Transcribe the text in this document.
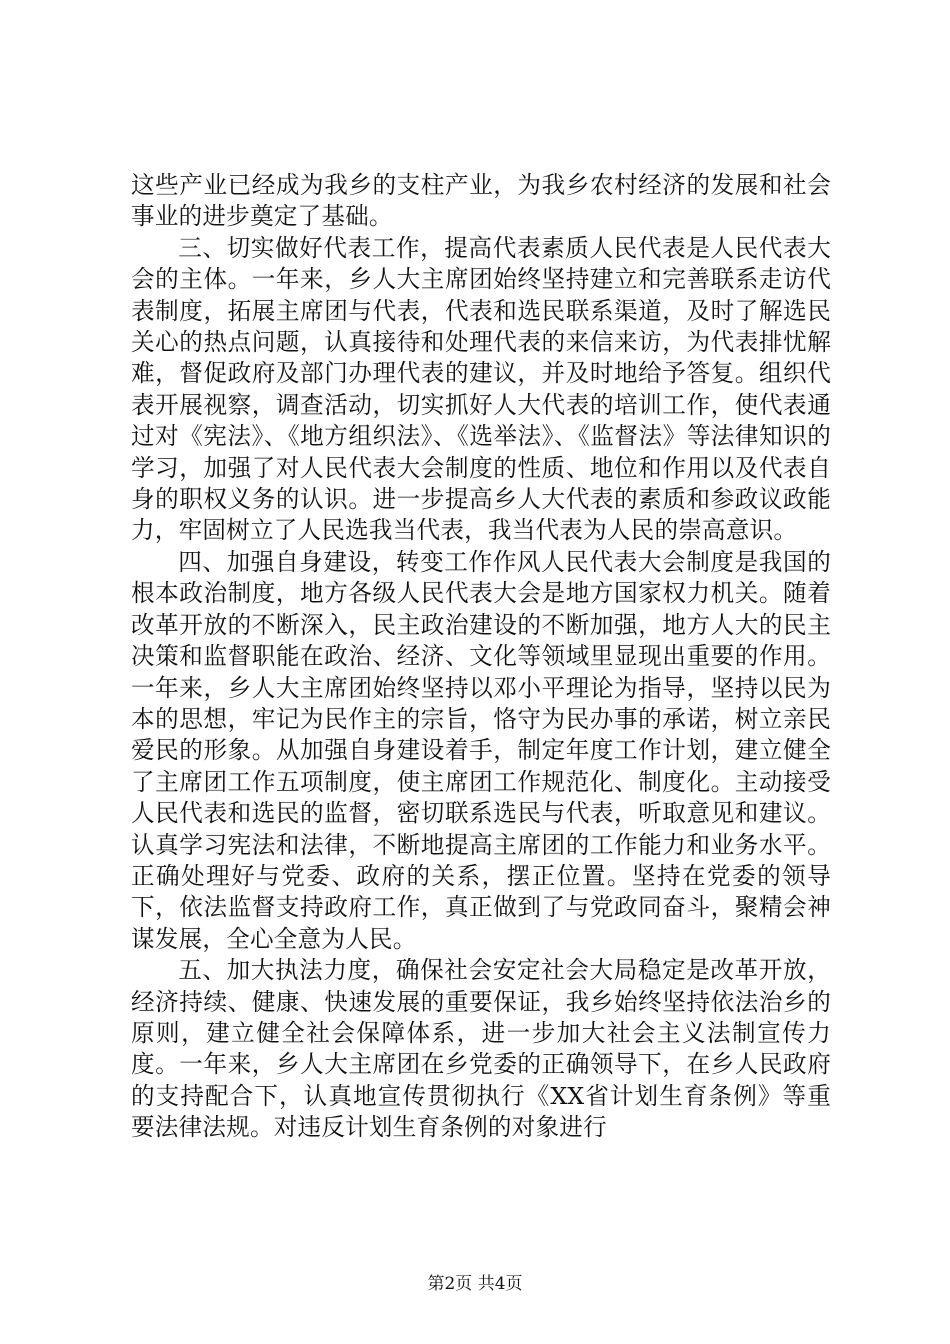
这些产业已经成为我乡的支柱产业，为我乡农村经济的发展和社会事业的进步奠定了基础。

三、切实做好代表工作，提高代表素质人民代表是人民代表大会的主体。一年来，乡人大主席团始终坚持建立和完善联系走访代表制度，拓展主席团与代表，代表和选民联系渠道，及时了解选民关心的热点问题，认真接待和处理代表的来信来访，为代表排忧解难，督促政府及部门办理代表的建议，并及时地给予答复。组织代表开展视察，调查活动，切实抓好人大代表的培训工作，使代表通过对《宪法》、《地方组织法》、《选举法》、《监督法》等法律知识的学习，加强了对人民代表大会制度的性质、地位和作用以及代表自身的职权义务的认识。进一步提高乡人大代表的素质和参政议政能力，牢固树立了人民选我当代表，我当代表为人民的崇高意识。

四、加强自身建设，转变工作作风人民代表大会制度是我国的根本政治制度，地方各级人民代表大会是地方国家权力机关。随着改革开放的不断深入，民主政治建设的不断加强，地方人大的民主决策和监督职能在政治、经济、文化等领域里显现出重要的作用。一年来，乡人大主席团始终坚持以邓小平理论为指导，坚持以民为本的思想，牢记为民作主的宗旨，恪守为民办事的承诺，树立亲民爱民的形象。从加强自身建设着手，制定年度工作计划，建立健全了主席团工作五项制度，使主席团工作规范化、制度化。主动接受人民代表和选民的监督，密切联系选民与代表，听取意见和建议。认真学习宪法和法律，不断地提高主席团的工作能力和业务水平。正确处理好与党委、政府的关系，摆正位置。坚持在党委的领导下，依法监督支持政府工作，真正做到了与党政同奋斗，聚精会神谋发展，全心全意为人民。

五、加大执法力度，确保社会安定社会大局稳定是改革开放，经济持续、健康、快速发展的重要保证，我乡始终坚持依法治乡的原则，建立健全社会保障体系，进一步加大社会主义法制宣传力度。一年来，乡人大主席团在乡党委的正确领导下，在乡人民政府的支持配合下，认真地宣传贯彻执行《XX省计划生育条例》等重要法律法规。对违反计划生育条例的对象进行

第2页 共4页
